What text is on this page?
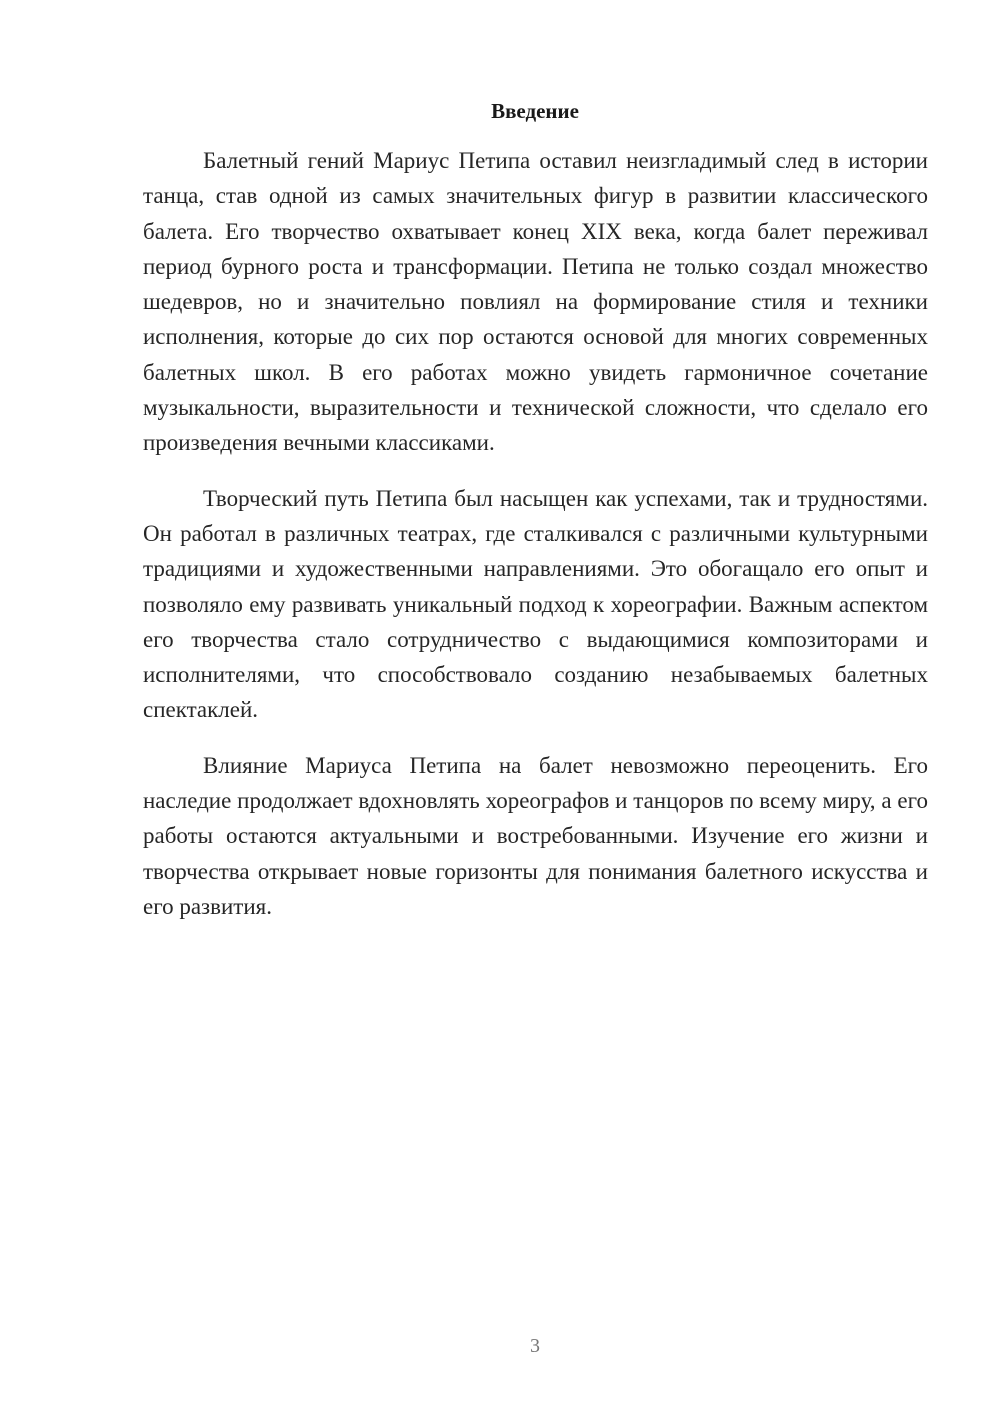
Введение

Балетный гений Мариус Петипа оставил неизгладимый след в истории танца, став одной из самых значительных фигур в развитии классического балета. Его творчество охватывает конец XIX века, когда балет переживал период бурного роста и трансформации. Петипа не только создал множество шедевров, но и значительно повлиял на формирование стиля и техники исполнения, которые до сих пор остаются основой для многих современных балетных школ. В его работах можно увидеть гармоничное сочетание музыкальности, выразительности и технической сложности, что сделало его произведения вечными классиками.

Творческий путь Петипа был насыщен как успехами, так и трудностями. Он работал в различных театрах, где сталкивался с различными культурными традициями и художественными направлениями. Это обогащало его опыт и позволяло ему развивать уникальный подход к хореографии. Важным аспектом его творчества стало сотрудничество с выдающимися композиторами и исполнителями, что способствовало созданию незабываемых балетных спектаклей.

Влияние Мариуса Петипа на балет невозможно переоценить. Его наследие продолжает вдохновлять хореографов и танцоров по всему миру, а его работы остаются актуальными и востребованными. Изучение его жизни и творчества открывает новые горизонты для понимания балетного искусства и его развития.

3
